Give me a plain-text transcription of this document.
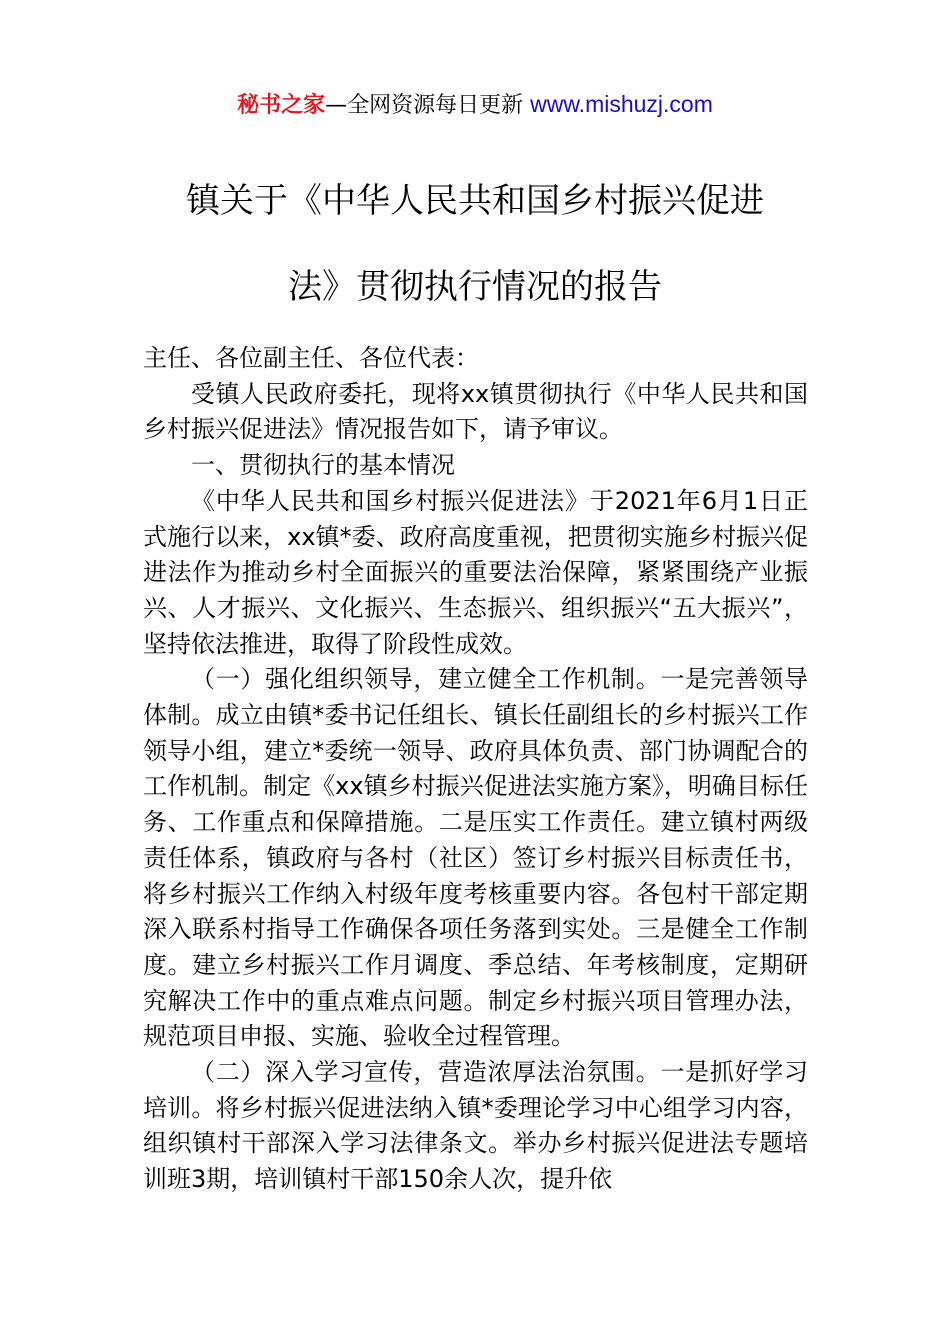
秘书之家—全网资源每日更新 www.mishuzj.com
镇关于《中华人民共和国乡村振兴促进
法》贯彻执行情况的报告

主任、各位副主任、各位代表：

受镇人民政府委托，现将xx镇贯彻执行《中华人民共和国乡村振兴促进法》情况报告如下，请予审议。

一、贯彻执行的基本情况

《中华人民共和国乡村振兴促进法》于2021年6月1日正式施行以来，xx镇*委、政府高度重视，把贯彻实施乡村振兴促进法作为推动乡村全面振兴的重要法治保障，紧紧围绕产业振兴、人才振兴、文化振兴、生态振兴、组织振兴“五大振兴”，坚持依法推进，取得了阶段性成效。

（一）强化组织领导，建立健全工作机制。一是完善领导体制。成立由镇*委书记任组长、镇长任副组长的乡村振兴工作领导小组，建立*委统一领导、政府具体负责、部门协调配合的工作机制。制定《xx镇乡村振兴促进法实施方案》，明确目标任务、工作重点和保障措施。二是压实工作责任。建立镇村两级责任体系，镇政府与各村（社区）签订乡村振兴目标责任书，将乡村振兴工作纳入村级年度考核重要内容。各包村干部定期深入联系村指导工作确保各项任务落到实处。三是健全工作制度。建立乡村振兴工作月调度、季总结、年考核制度，定期研究解决工作中的重点难点问题。制定乡村振兴项目管理办法，规范项目申报、实施、验收全过程管理。

（二）深入学习宣传，营造浓厚法治氛围。一是抓好学习培训。将乡村振兴促进法纳入镇*委理论学习中心组学习内容，组织镇村干部深入学习法律条文。举办乡村振兴促进法专题培训班3期，培训镇村干部150余人次，提升依
